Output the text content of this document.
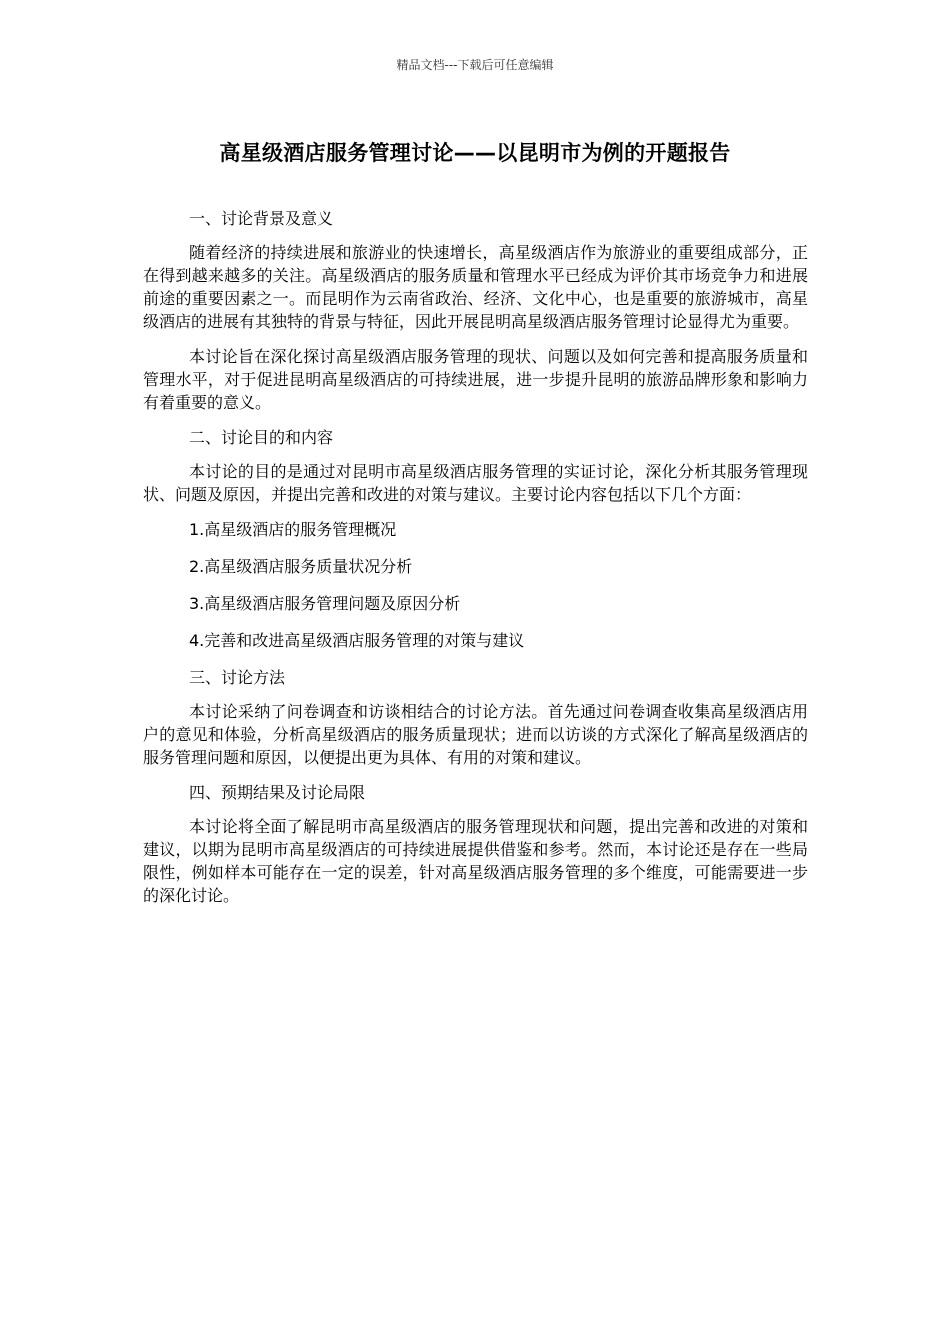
精品文档---下载后可任意编辑
高星级酒店服务管理讨论——以昆明市为例的开题报告
一、讨论背景及意义
随着经济的持续进展和旅游业的快速增长，高星级酒店作为旅游业的重要组成部分，正在得到越来越多的关注。高星级酒店的服务质量和管理水平已经成为评价其市场竞争力和进展前途的重要因素之一。而昆明作为云南省政治、经济、文化中心，也是重要的旅游城市，高星级酒店的进展有其独特的背景与特征，因此开展昆明高星级酒店服务管理讨论显得尤为重要。
本讨论旨在深化探讨高星级酒店服务管理的现状、问题以及如何完善和提高服务质量和管理水平，对于促进昆明高星级酒店的可持续进展，进一步提升昆明的旅游品牌形象和影响力有着重要的意义。
二、讨论目的和内容
本讨论的目的是通过对昆明市高星级酒店服务管理的实证讨论，深化分析其服务管理现状、问题及原因，并提出完善和改进的对策与建议。主要讨论内容包括以下几个方面：
1.高星级酒店的服务管理概况
2.高星级酒店服务质量状况分析
3.高星级酒店服务管理问题及原因分析
4.完善和改进高星级酒店服务管理的对策与建议
三、讨论方法
本讨论采纳了问卷调查和访谈相结合的讨论方法。首先通过问卷调查收集高星级酒店用户的意见和体验，分析高星级酒店的服务质量现状；进而以访谈的方式深化了解高星级酒店的服务管理问题和原因，以便提出更为具体、有用的对策和建议。
四、预期结果及讨论局限
本讨论将全面了解昆明市高星级酒店的服务管理现状和问题，提出完善和改进的对策和建议，以期为昆明市高星级酒店的可持续进展提供借鉴和参考。然而，本讨论还是存在一些局限性，例如样本可能存在一定的误差，针对高星级酒店服务管理的多个维度，可能需要进一步的深化讨论。
